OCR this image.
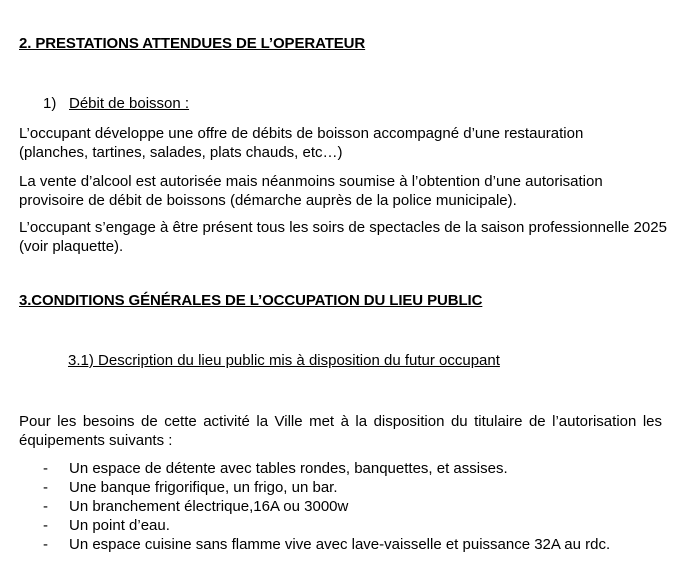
2. PRESTATIONS ATTENDUES DE L’OPERATEUR
1) Débit de boisson :
L’occupant développe une offre de débits de boisson accompagné d’une restauration (planches, tartines, salades, plats chauds, etc…)
La vente d’alcool est autorisée mais néanmoins soumise à l’obtention d’une autorisation provisoire de débit de boissons (démarche auprès de la police municipale).
L’occupant s’engage à être présent tous les soirs de spectacles de la saison professionnelle 2025 (voir plaquette).
3.CONDITIONS GÉNÉRALES DE L’OCCUPATION DU LIEU PUBLIC
3.1) Description du lieu public mis à disposition du futur occupant
Pour les besoins de cette activité la Ville met à la disposition du titulaire de l’autorisation les équipements suivants :
- Un espace de détente avec tables rondes, banquettes, et assises.
- Une banque frigorifique, un frigo, un bar.
- Un branchement électrique,16A ou 3000w
- Un point d’eau.
- Un espace cuisine sans flamme vive avec lave-vaisselle et puissance 32A au rdc.
